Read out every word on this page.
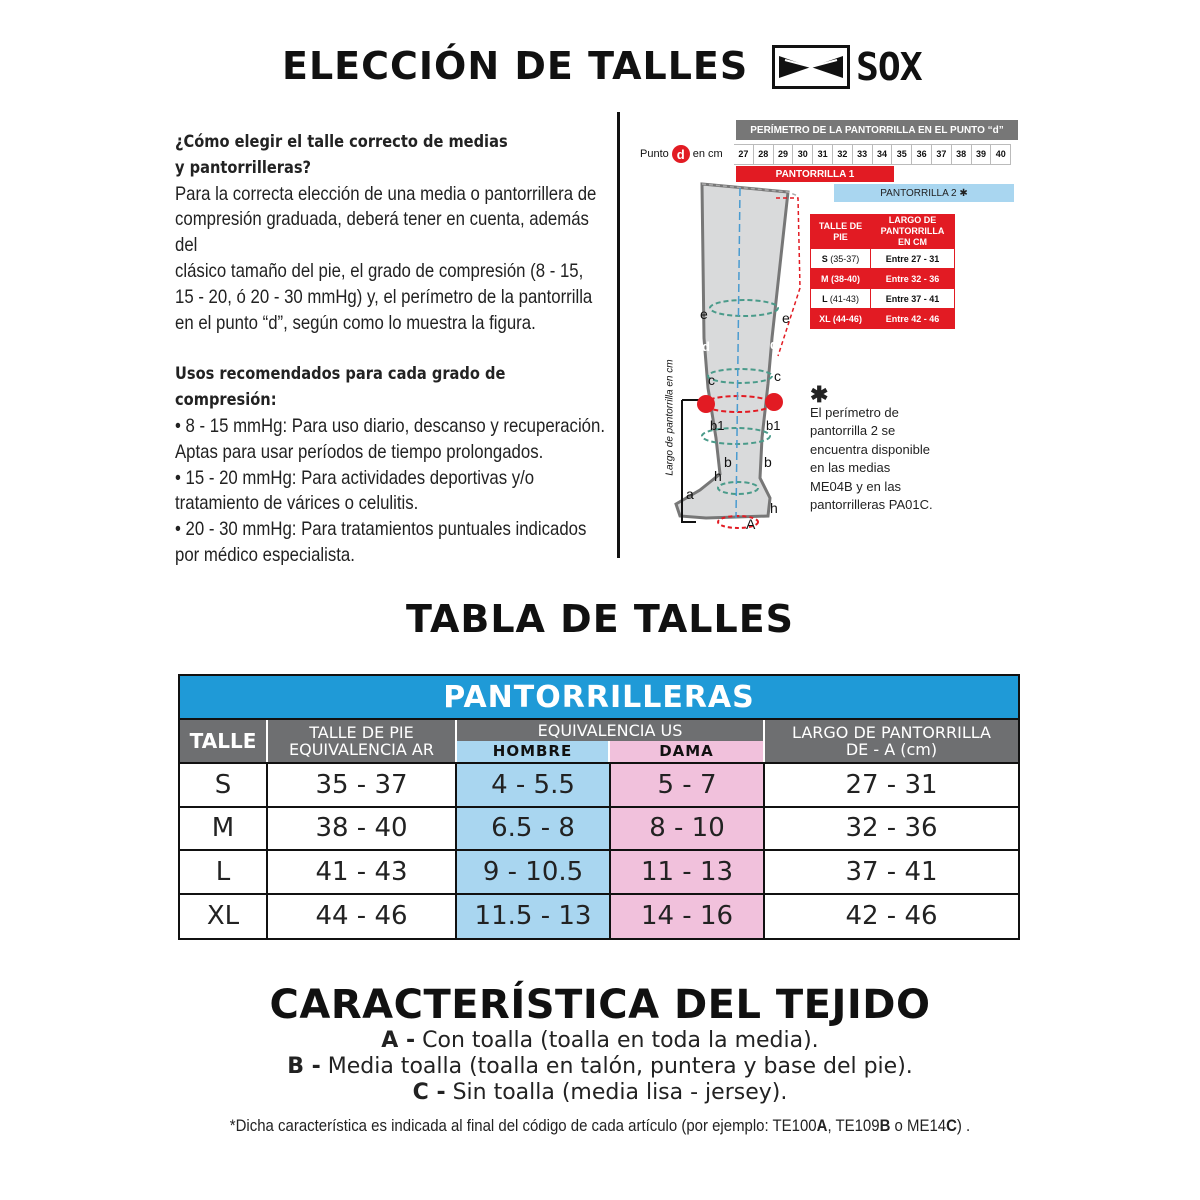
ELECCIÓN DE TALLES	SOX

¿Cómo elegir el talle correcto de medias

y pantorrilleras?

Para la correcta elección de una media o pantorrillera de

compresión graduada, deberá tener en cuenta, además del

clásico tamaño del pie, el grado de compresión (8 - 15,

15 - 20, ó 20 - 30 mmHg) y, el perímetro de la pantorrilla

en el punto “d”, según como lo muestra la figura.

Usos recomendados para cada grado de

compresión:

• 8 - 15 mmHg: Para uso diario, descanso y recuperación.

Aptas para usar períodos de tiempo prolongados.

• 15 - 20 mmHg: Para actividades deportivas y/o

tratamiento de várices o celulitis.

• 20 - 30 mmHg: Para tratamientos puntuales indicados

por médico especialista.

PERÍMETRO DE LA PANTORRILLA EN EL PUNTO “d”
Punto d en cm	27	28	29	30	31	32	33	34	35	36	37	38	39	40
PANTORRILLA 1
PANTORRILLA 2 ✱
TALLE DE PIE	LARGO DE PANTORRILLA EN CM
S (35-37)	Entre 27 - 31
M (38-40)	Entre 32 - 36
L (41-43)	Entre 37 - 41
XL (44-46)	Entre 42 - 46
e	e
d	d
c	c
b1	b1
b b
h
h
a
A
Largo de pantorrilla en cm	✱
El perímetro de
pantorrilla 2 se
encuentra disponible
en las medias
ME04B y en las
pantorrilleras PA01C.
TABLA DE TALLES
PANTORRILLERAS
TALLE	TALLE DE PIE
EQUIVALENCIA AR
EQUIVALENCIA US
HOMBRE	DAMA
LARGO DE PANTORRILLA
DE - A (cm)
S	35 - 37	4 - 5.5	5 - 7	27 - 31
M	38 - 40	6.5 - 8	8 - 10	32 - 36
L	41 - 43	9 - 10.5	11 - 13	37 - 41
XL	44 - 46	11.5 - 13	14 - 16	42 - 46
CARACTERÍSTICA DEL TEJIDO
A - Con toalla (toalla en toda la media).
B - Media toalla (toalla en talón, puntera y base del pie).
C - Sin toalla (media lisa - jersey).
*Dicha característica es indicada al final del código de cada artículo (por ejemplo: TE100A, TE109B o ME14C) .
